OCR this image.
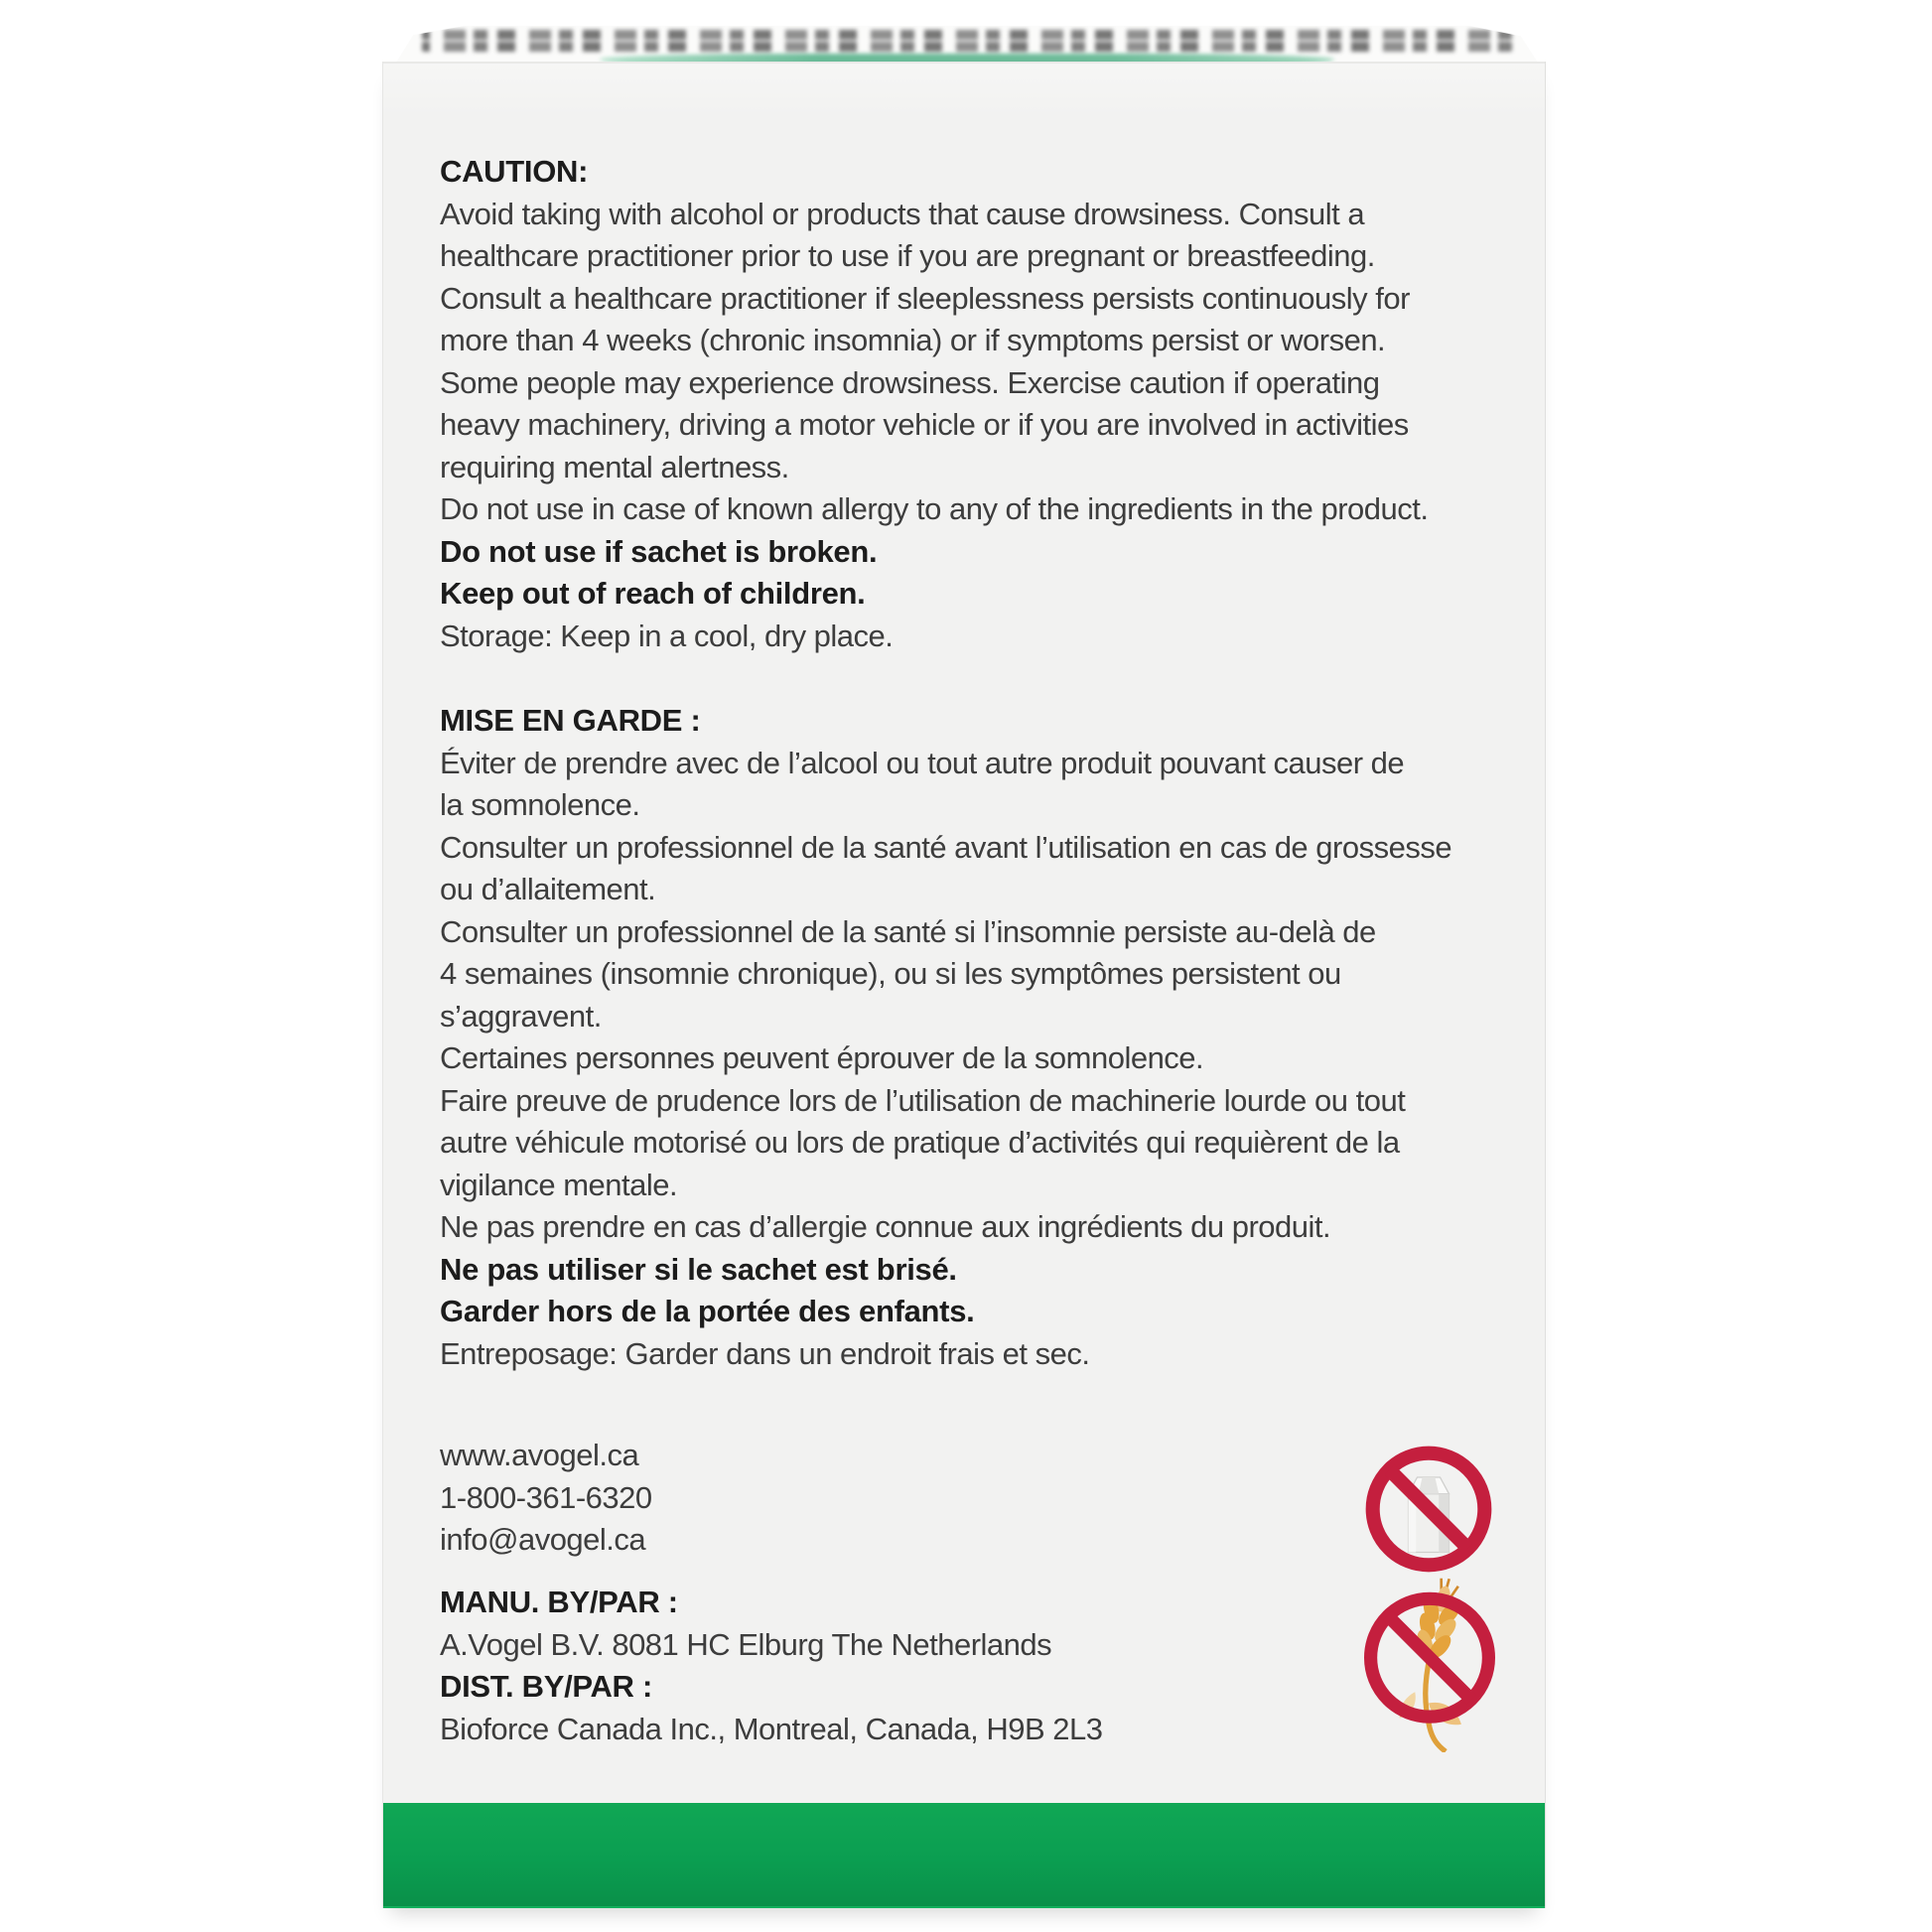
CAUTION:
Avoid taking with alcohol or products that cause drowsiness. Consult a
healthcare practitioner prior to use if you are pregnant or breastfeeding.
Consult a healthcare practitioner if sleeplessness persists continuously for
more than 4 weeks (chronic insomnia) or if symptoms persist or worsen.
Some people may experience drowsiness. Exercise caution if operating
heavy machinery, driving a motor vehicle or if you are involved in activities
requiring mental alertness.
Do not use in case of known allergy to any of the ingredients in the product.
Do not use if sachet is broken.
Keep out of reach of children.
Storage: Keep in a cool, dry place.
MISE EN GARDE :
Éviter de prendre avec de l’alcool ou tout autre produit pouvant causer de
la somnolence.
Consulter un professionnel de la santé avant l’utilisation en cas de grossesse
ou d’allaitement.
Consulter un professionnel de la santé si l’insomnie persiste au-delà de
4 semaines (insomnie chronique), ou si les symptômes persistent ou
s’aggravent.
Certaines personnes peuvent éprouver de la somnolence.
Faire preuve de prudence lors de l’utilisation de machinerie lourde ou tout
autre véhicule motorisé ou lors de pratique d’activités qui requièrent de la
vigilance mentale.
Ne pas prendre en cas d’allergie connue aux ingrédients du produit.
Ne pas utiliser si le sachet est brisé.
Garder hors de la portée des enfants.
Entreposage: Garder dans un endroit frais et sec.
www.avogel.ca
1-800-361-6320
info@avogel.ca
MANU. BY/PAR :
A.Vogel B.V. 8081 HC Elburg The Netherlands
DIST. BY/PAR :
Bioforce Canada Inc., Montreal, Canada, H9B 2L3
